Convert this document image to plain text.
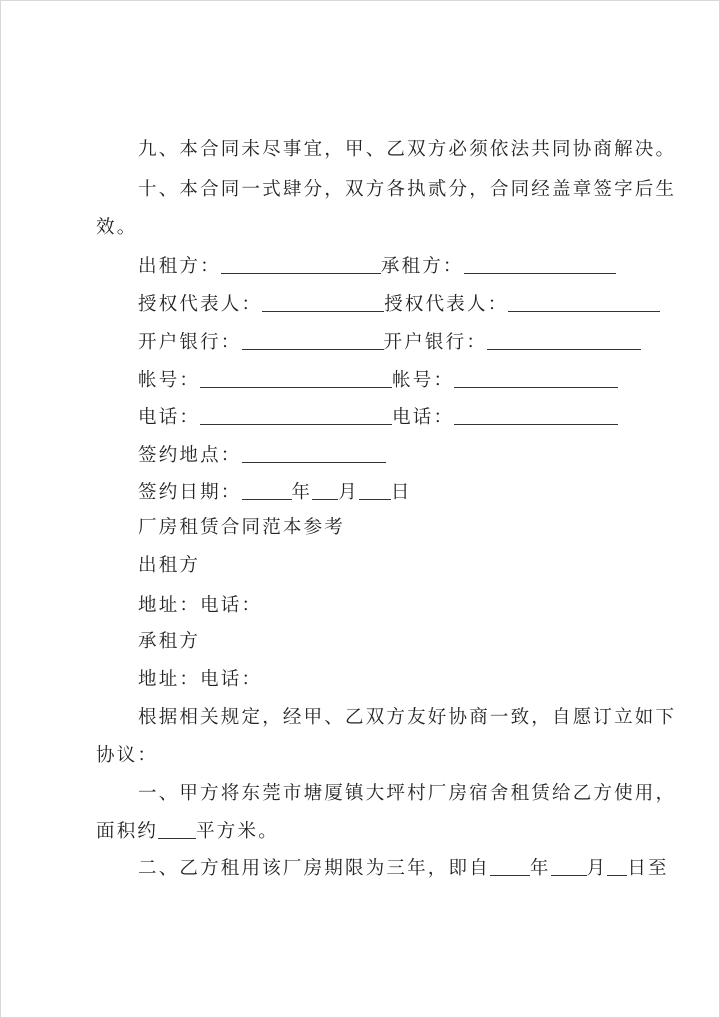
九、本合同未尽事宜，甲、乙双方必须依法共同协商解决。
十、本合同一式肆分，双方各执贰分，合同经盖章签字后生
效。
出租方：	承租方：
授权代表人：	授权代表人：
开户银行：	开户银行：
帐号：	帐号：
电话：	电话：
签约地点：
签约日期：	年 月 日
厂房租赁合同范本参考
出租方
地址：电话：
承租方
地址：电话：
根据相关规定，经甲、乙双方友好协商一致，自愿订立如下
协议：
一、甲方将东莞市塘厦镇大坪村厂房宿舍租赁给乙方使用，
面积约 平方米。
二、乙方租用该厂房期限为三年，即自 年 月 日至
